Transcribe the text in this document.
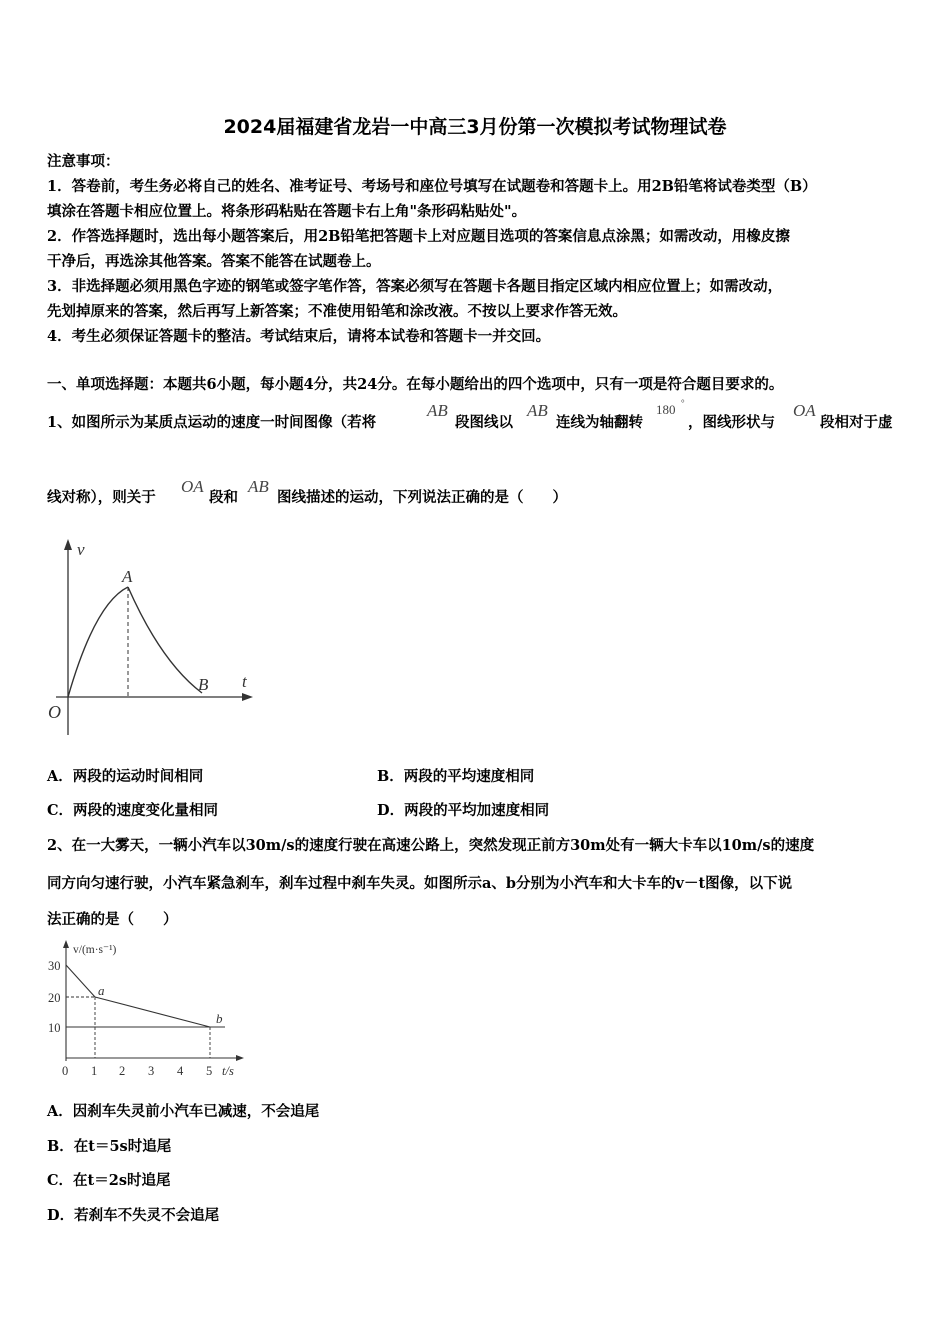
2024届福建省龙岩一中高三3月份第一次模拟考试物理试卷
注意事项：
1．答卷前，考生务必将自己的姓名、准考证号、考场号和座位号填写在试题卷和答题卡上。用2B铅笔将试卷类型（B）
填涂在答题卡相应位置上。将条形码粘贴在答题卡右上角"条形码粘贴处"。
2．作答选择题时，选出每小题答案后，用2B铅笔把答题卡上对应题目选项的答案信息点涂黑；如需改动，用橡皮擦
干净后，再选涂其他答案。答案不能答在试题卷上。
3．非选择题必须用黑色字迹的钢笔或签字笔作答，答案必须写在答题卡各题目指定区域内相应位置上；如需改动，
先划掉原来的答案，然后再写上新答案；不准使用铅笔和涂改液。不按以上要求作答无效。
4．考生必须保证答题卡的整洁。考试结束后，请将本试卷和答题卡一并交回。
一、单项选择题：本题共6小题，每小题4分，共24分。在每小题给出的四个选项中，只有一项是符合题目要求的。
1、如图所示为某质点运动的速度一时间图像（若将
AB
段图线以
AB
连线为轴翻转
180 °
，图线形状与
OA
段相对于虚
线对称），则关于
OA
段和
AB
图线描述的运动，下列说法正确的是（　　）
v
A
B t
O
A．两段的运动时间相同	B．两段的平均速度相同
C．两段的速度变化量相同	D．两段的平均加速度相同
2、在一大雾天，一辆小汽车以30m/s的速度行驶在高速公路上，突然发现正前方30m处有一辆大卡车以10m/s的速度
同方向匀速行驶，小汽车紧急刹车，刹车过程中刹车失灵。如图所示a、b分别为小汽车和大卡车的v－t图像，以下说
法正确的是（　　）
v/(m·s⁻¹)
t/s
30
20
10
0 1 2 3 4 5
a
b
A．因刹车失灵前小汽车已减速，不会追尾
B．在t＝5s时追尾
C．在t＝2s时追尾
D．若刹车不失灵不会追尾
